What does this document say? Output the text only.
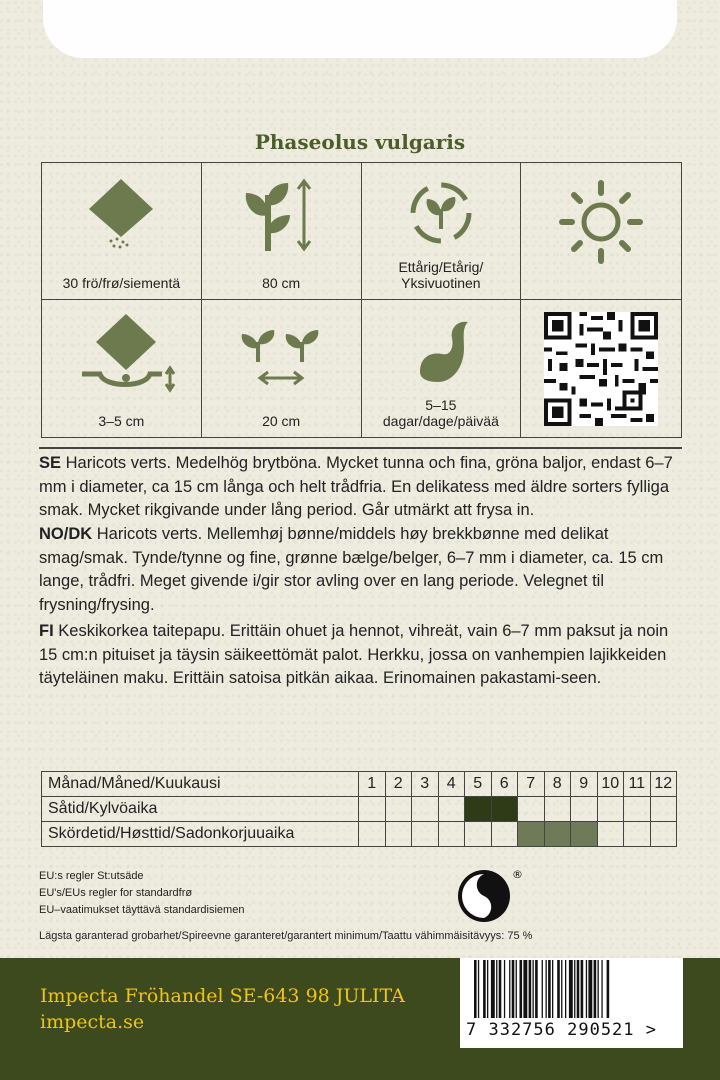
Phaseolus vulgaris
30 frö/frø/siementä	80 cm
Ettårig/Etårig/
Yksivuotinen
3–5 cm	20 cm
5–15
dagar/dage/päivää
SE Haricots verts. Medelhög brytböna. Mycket tunna och fina, gröna baljor, endast 6–7 mm i diameter, ca 15 cm långa och helt trådfria. En delikatess med äldre sorters fylliga smak. Mycket rikgivande under lång period. Går utmärkt att frysa in.
NO/DK Haricots verts. Mellemhøj bønne/middels høy brekkbønne med delikat smag/smak. Tynde/tynne og fine, grønne bælge/belger, 6–7 mm i diameter, ca. 15 cm lange, trådfri. Meget givende i/gir stor avling over en lang periode. Velegnet til frysning/frysing.
FI Keskikorkea taitepapu. Erittäin ohuet ja hennot, vihreät, vain 6–7 mm paksut ja noin 15 cm:n pituiset ja täysin säikeettömät palot. Herkku, jossa on vanhempien lajikkeiden täyteläinen maku. Erittäin satoisa pitkän aikaa. Erinomainen pakastami-seen.
Månad/Måned/Kuukausi	1	2	3	4	5	6	7	8	9	10	11	12
Såtid/Kylvöaika												
Skördetid/Høsttid/Sadonkorjuuaika												
EU:s regler St:utsäde
EU's/EUs regler for standardfrø
EU–vaatimukset täyttävä standardisiemen
®
Lägsta garanterad grobarhet/Spireevne garanteret/garantert minimum/Taattu vähimmäisitävyys: 75 %
Impecta Fröhandel SE-643 98 JULITA
impecta.se	7 332756 290521 >
